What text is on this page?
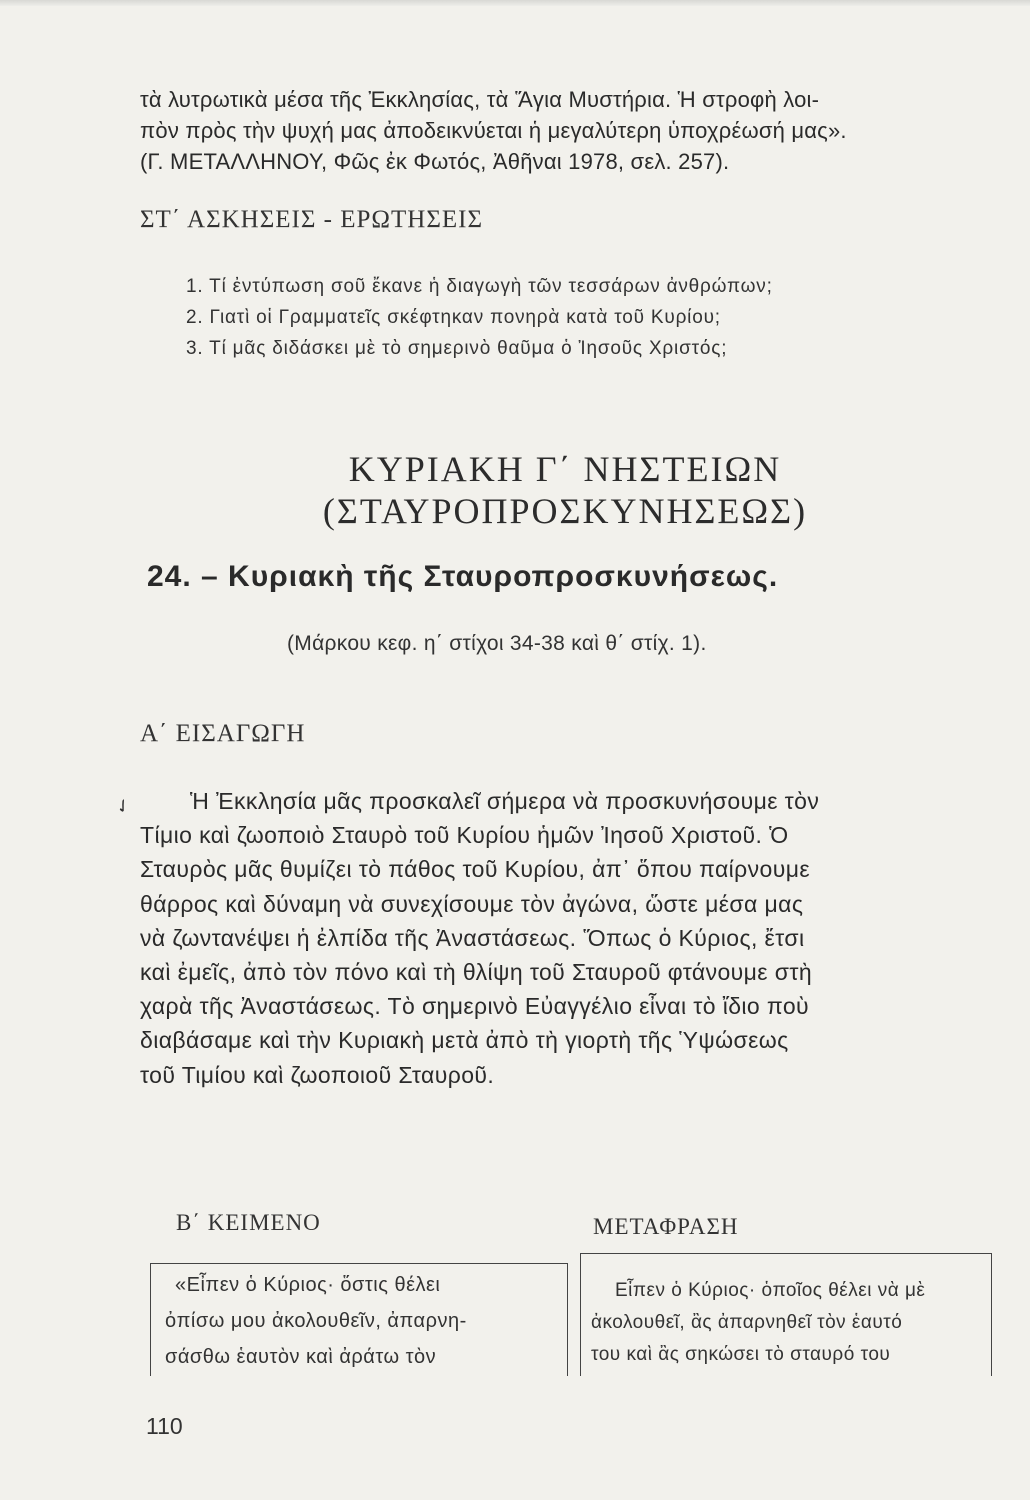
τὰ λυτρωτικὰ μέσα τῆς Ἐκκλησίας, τὰ Ἅγια Μυστήρια. Ἡ στροφὴ λοι-
πὸν πρὸς τὴν ψυχή μας ἀποδεικνύεται ἡ μεγαλύτερη ὑποχρέωσή μας».
(Γ. ΜΕΤΑΛΛΗΝΟΥ, Φῶς ἐκ Φωτός, Ἀθῆναι 1978, σελ. 257).
ΣΤ΄ ΑΣΚΗΣΕΙΣ - ΕΡΩΤΗΣΕΙΣ
1. Τί ἐντύπωση σοῦ ἔκανε ἡ διαγωγὴ τῶν τεσσάρων ἀνθρώπων;
2. Γιατὶ οἱ Γραμματεῖς σκέφτηκαν πονηρὰ κατὰ τοῦ Κυρίου;
3. Τί μᾶς διδάσκει μὲ τὸ σημερινὸ θαῦμα ὁ Ἰησοῦς Χριστός;
ΚΥΡΙΑΚΗ Γ΄ ΝΗΣΤΕΙΩΝ
(ΣΤΑΥΡΟΠΡΟΣΚΥΝΗΣΕΩΣ)
24. – Κυριακὴ τῆς Σταυροπροσκυνήσεως.
(Μάρκου κεφ. η΄ στίχοι 34-38 καὶ θ΄ στίχ. 1).
Α΄ ΕΙΣΑΓΩΓΗ
✓	Ἡ Ἐκκλησία μᾶς προσκαλεῖ σήμερα νὰ προσκυνήσουμε τὸν
Τίμιο καὶ ζωοποιὸ Σταυρὸ τοῦ Κυρίου ἡμῶν Ἰησοῦ Χριστοῦ. Ὁ
Σταυρὸς μᾶς θυμίζει τὸ πάθος τοῦ Κυρίου, ἀπ᾽ ὅπου παίρνουμε
θάρρος καὶ δύναμη νὰ συνεχίσουμε τὸν ἀγώνα, ὥστε μέσα μας
νὰ ζωντανέψει ἡ ἐλπίδα τῆς Ἀναστάσεως. Ὅπως ὁ Κύριος, ἔτσι
καὶ ἐμεῖς, ἀπὸ τὸν πόνο καὶ τὴ θλίψη τοῦ Σταυροῦ φτάνουμε στὴ
χαρὰ τῆς Ἀναστάσεως. Τὸ σημερινὸ Εὐαγγέλιο εἶναι τὸ ἴδιο ποὺ
διαβάσαμε καὶ τὴν Κυριακὴ μετὰ ἀπὸ τὴ γιορτὴ τῆς Ὑψώσεως
τοῦ Τιμίου καὶ ζωοποιοῦ Σταυροῦ.
Β΄ ΚΕΙΜΕΝΟ
«Εἶπεν ὁ Κύριος· ὅστις θέλει
ὀπίσω μου ἀκολουθεῖν, ἀπαρνη-
σάσθω ἑαυτὸν καὶ ἀράτω τὸν
ΜΕΤΑΦΡΑΣΗ
Εἶπεν ὁ Κύριος· ὁποῖος θέλει νὰ μὲ
ἀκολουθεῖ, ἂς ἀπαρνηθεῖ τὸν ἑαυτό
του καὶ ἂς σηκώσει τὸ σταυρό του
110
